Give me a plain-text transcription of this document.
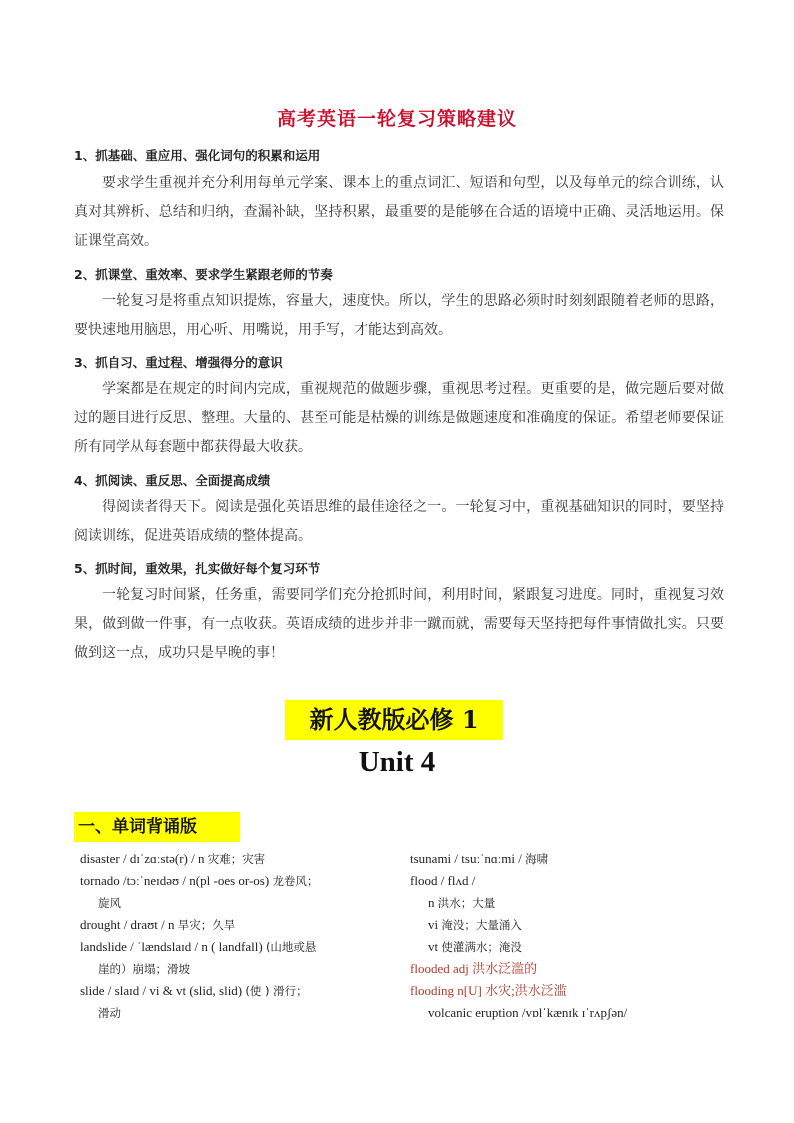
高考英语一轮复习策略建议
1、抓基础、重应用、强化词句的积累和运用

要求学生重视并充分利用每单元学案、课本上的重点词汇、短语和句型，以及每单元的综合训练，认真对其辨析、总结和归纳，查漏补缺，坚持积累，最重要的是能够在合适的语境中正确、灵活地运用。保证课堂高效。

2、抓课堂、重效率、要求学生紧跟老师的节奏

一轮复习是将重点知识提炼，容量大，速度快。所以，学生的思路必须时时刻刻跟随着老师的思路，要快速地用脑思，用心听、用嘴说，用手写，才能达到高效。

3、抓自习、重过程、增强得分的意识

学案都是在规定的时间内完成，重视规范的做题步骤，重视思考过程。更重要的是，做完题后要对做过的题目进行反思、整理。大量的、甚至可能是枯燥的训练是做题速度和准确度的保证。希望老师要保证所有同学从每套题中都获得最大收获。

4、抓阅读、重反思、全面提高成绩

得阅读者得天下。阅读是强化英语思维的最佳途径之一。一轮复习中，重视基础知识的同时，要坚持阅读训练，促进英语成绩的整体提高。

5、抓时间，重效果，扎实做好每个复习环节

一轮复习时间紧，任务重，需要同学们充分抢抓时间，利用时间，紧跟复习进度。同时，重视复习效果，做到做一件事，有一点收获。英语成绩的进步并非一蹴而就，需要每天坚持把每件事情做扎实。只要做到这一点，成功只是早晚的事！

新人教版必修 1
Unit 4
一、单词背诵版
disaster / dɪˈzɑːstə(r) / n 灾难；灾害
tornado /tɔːˈneɪdəʊ / n(pl -oes or-os) 龙卷风；
旋风
drought / draʊt / n 旱灾；久旱
landslide / ˈlændslaɪd / n ( landfall) (山地或悬
崖的）崩塌；滑坡
slide / slaɪd / vi & vt (slid, slid) (使 ) 滑行；
滑动
tsunami / tsuːˈnɑːmi / 海啸
flood / flʌd /
n 洪水；大量
vi 淹没；大量涌入
vt 使灌满水；淹没
flooded adj 洪水泛滥的
flooding n[U] 水灾;洪水泛滥
volcanic eruption /vɒlˈkænɪk ɪˈrʌpʃən/
